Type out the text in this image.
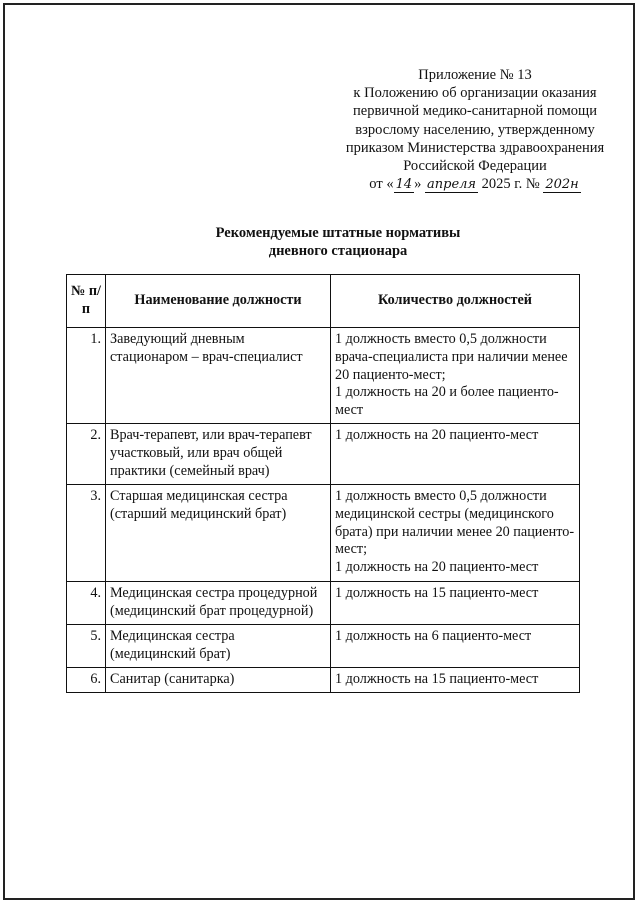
Приложение № 13
к Положению об организации оказания
первичной медико-санитарной помощи
взрослому населению, утвержденному
приказом Министерства здравоохранения
Российской Федерации
от « 14 » апреля 2025 г. № 202н
Рекомендуемые штатные нормативы
дневного стационара
№ п/п	Наименование должности	Количество должностей
1.	Заведующий дневным
стационаром – врач-специалист	1 должность вместо 0,5 должности
врача-специалиста при наличии менее
20 пациенто-мест;
1 должность на 20 и более пациенто-
мест
2.	Врач-терапевт, или врач-терапевт
участковый, или врач общей
практики (семейный врач)	1 должность на 20 пациенто-мест
3.	Старшая медицинская сестра
(старший медицинский брат)	1 должность вместо 0,5 должности
медицинской сестры (медицинского
брата) при наличии менее 20 пациенто-
мест;
1 должность на 20 пациенто-мест
4.	Медицинская сестра процедурной
(медицинский брат процедурной)	1 должность на 15 пациенто-мест
5.	Медицинская сестра
(медицинский брат)	1 должность на 6 пациенто-мест
6.	Санитар (санитарка)	1 должность на 15 пациенто-мест
